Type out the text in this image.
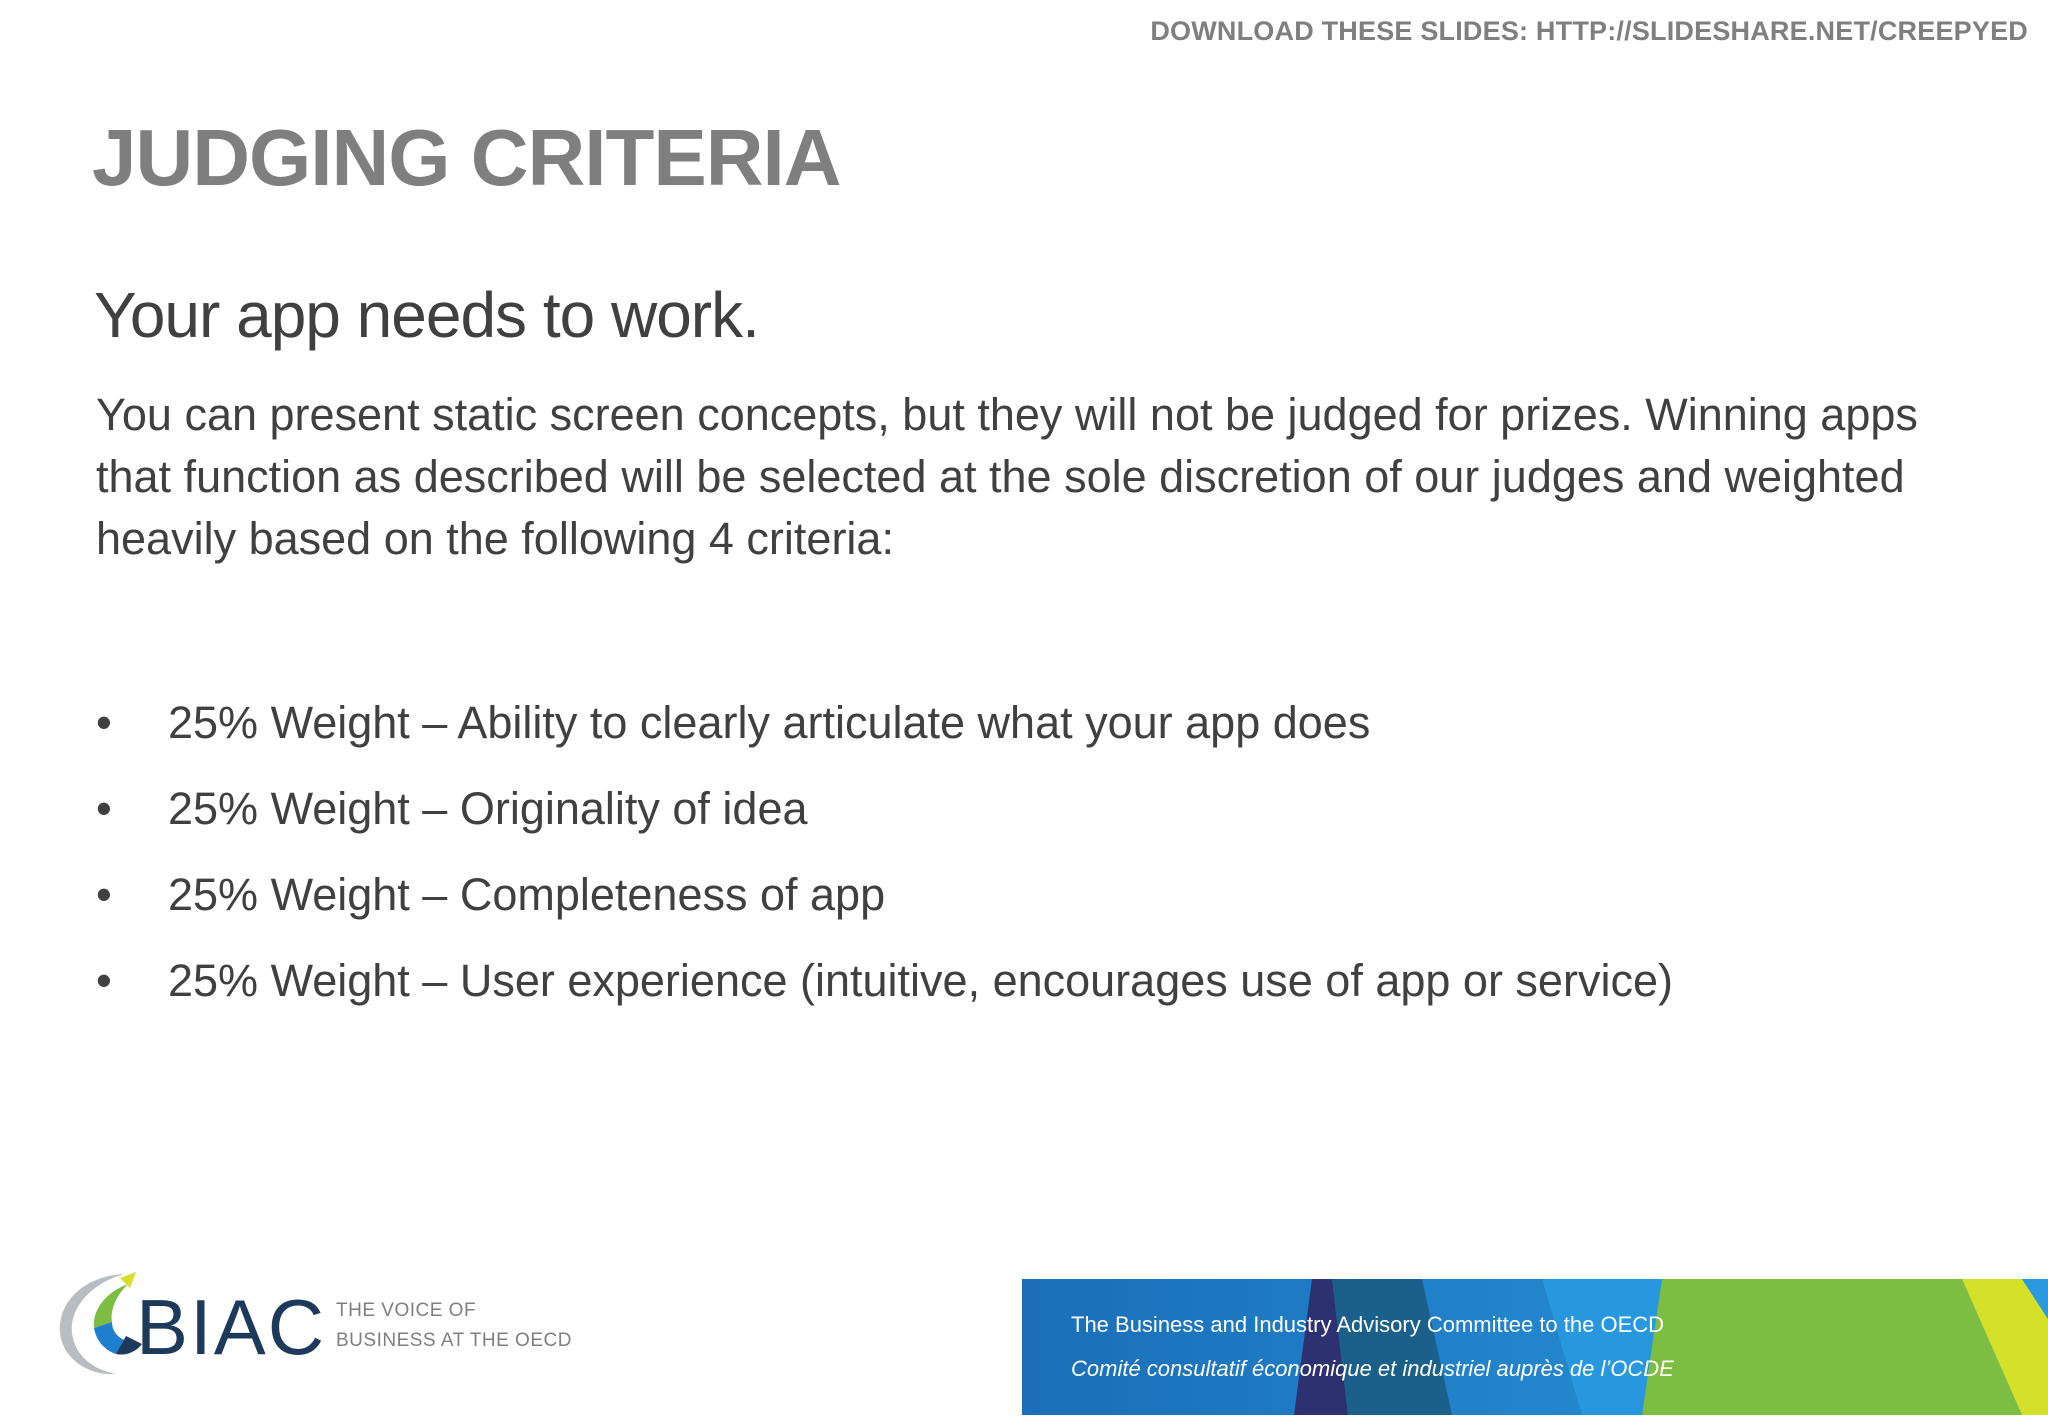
DOWNLOAD THESE SLIDES: HTTP://SLIDESHARE.NET/CREEPYED
JUDGING CRITERIA
Your app needs to work.

You can present static screen concepts, but they will not be judged for prizes. Winning apps that function as described will be selected at the sole discretion of our judges and weighted heavily based on the following 4 criteria:

• 25% Weight – Ability to clearly articulate what your app does
• 25% Weight – Originality of idea
• 25% Weight – Completeness of app
• 25% Weight – User experience (intuitive, encourages use of app or service)
BIAC THE VOICE OF
BUSINESS AT THE OECD
The Business and Industry Advisory Committee to the OECD
Comité consultatif économique et industriel auprès de l’OCDE
